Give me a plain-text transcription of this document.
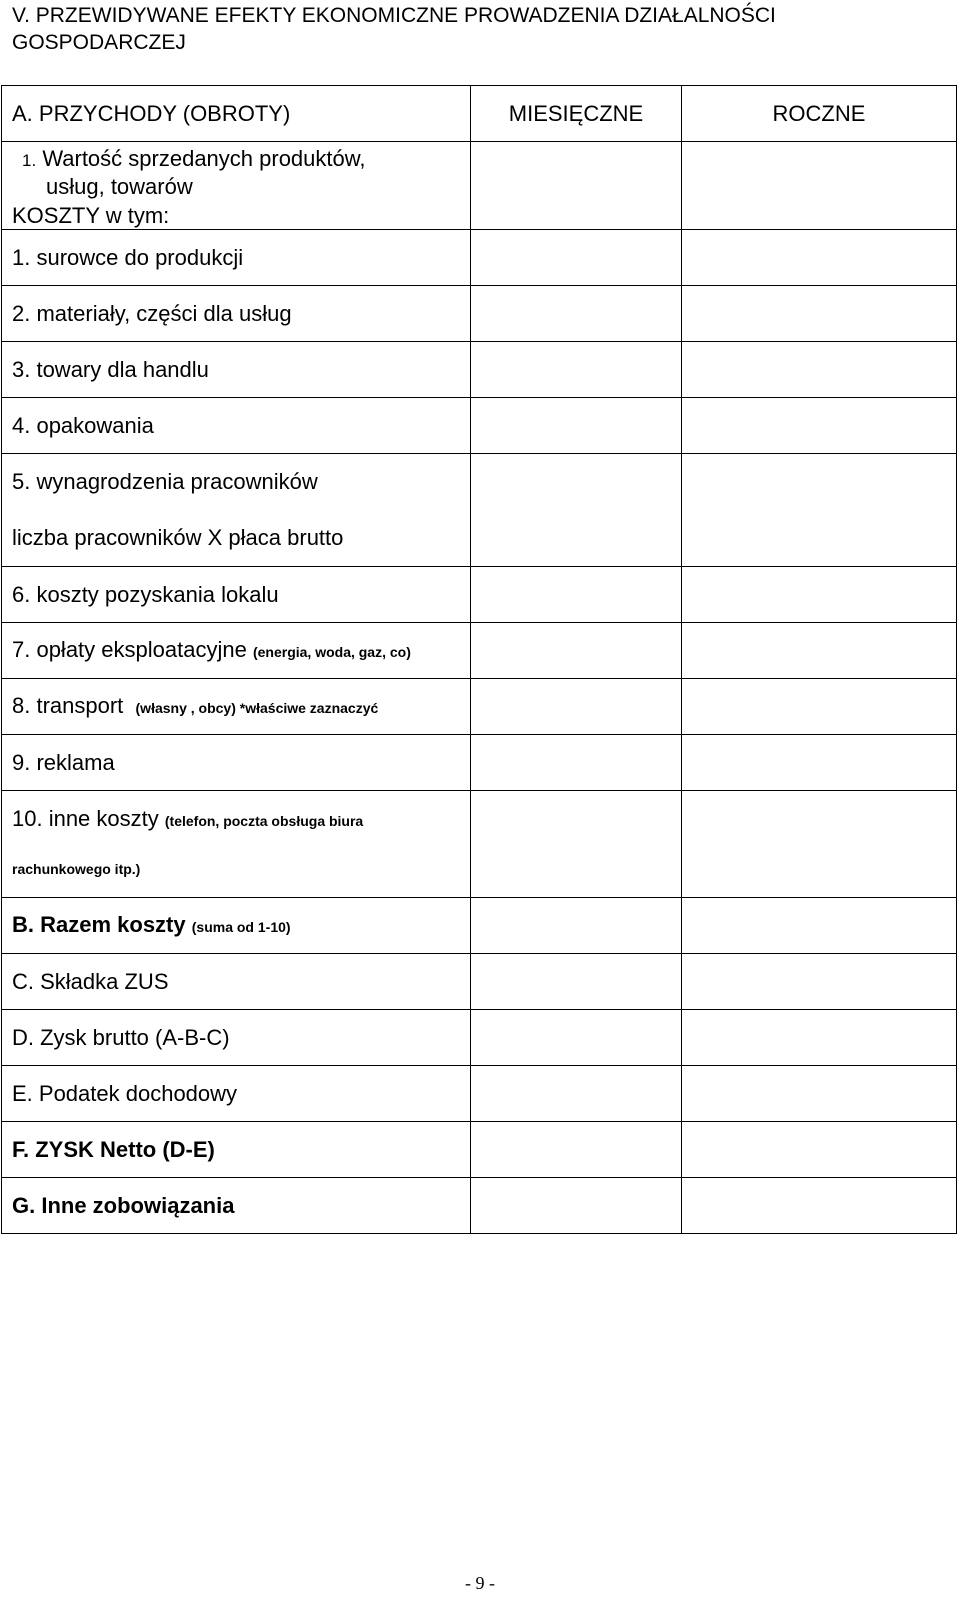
V. PRZEWIDYWANE EFEKTY EKONOMICZNE PROWADZENIA DZIAŁALNOŚCI GOSPODARCZEJ
A. PRZYCHODY (OBROTY)	MIESIĘCZNE	ROCZNE

1. Wartość sprzedanych produktów,
usług, towarów
KOSZTY w tym:		

1. surowce do produkcji		
2. materiały, części dla usług		
3. towary dla handlu		
4. opakowania		

5. wynagrodzenia pracowników
liczba pracowników X płaca brutto		

6. koszty pozyskania lokalu		
7. opłaty eksploatacyjne (energia, woda, gaz, co)		
8. transport (własny , obcy) *właściwe zaznaczyć		
9. reklama		

10. inne koszty (telefon, poczta obsługa biura
rachunkowego itp.)		

B. Razem koszty (suma od 1-10)		
C. Składka ZUS		
D. Zysk brutto (A-B-C)		
E. Podatek dochodowy		
F. ZYSK Netto (D-E)		
G. Inne zobowiązania		
- 9 -
